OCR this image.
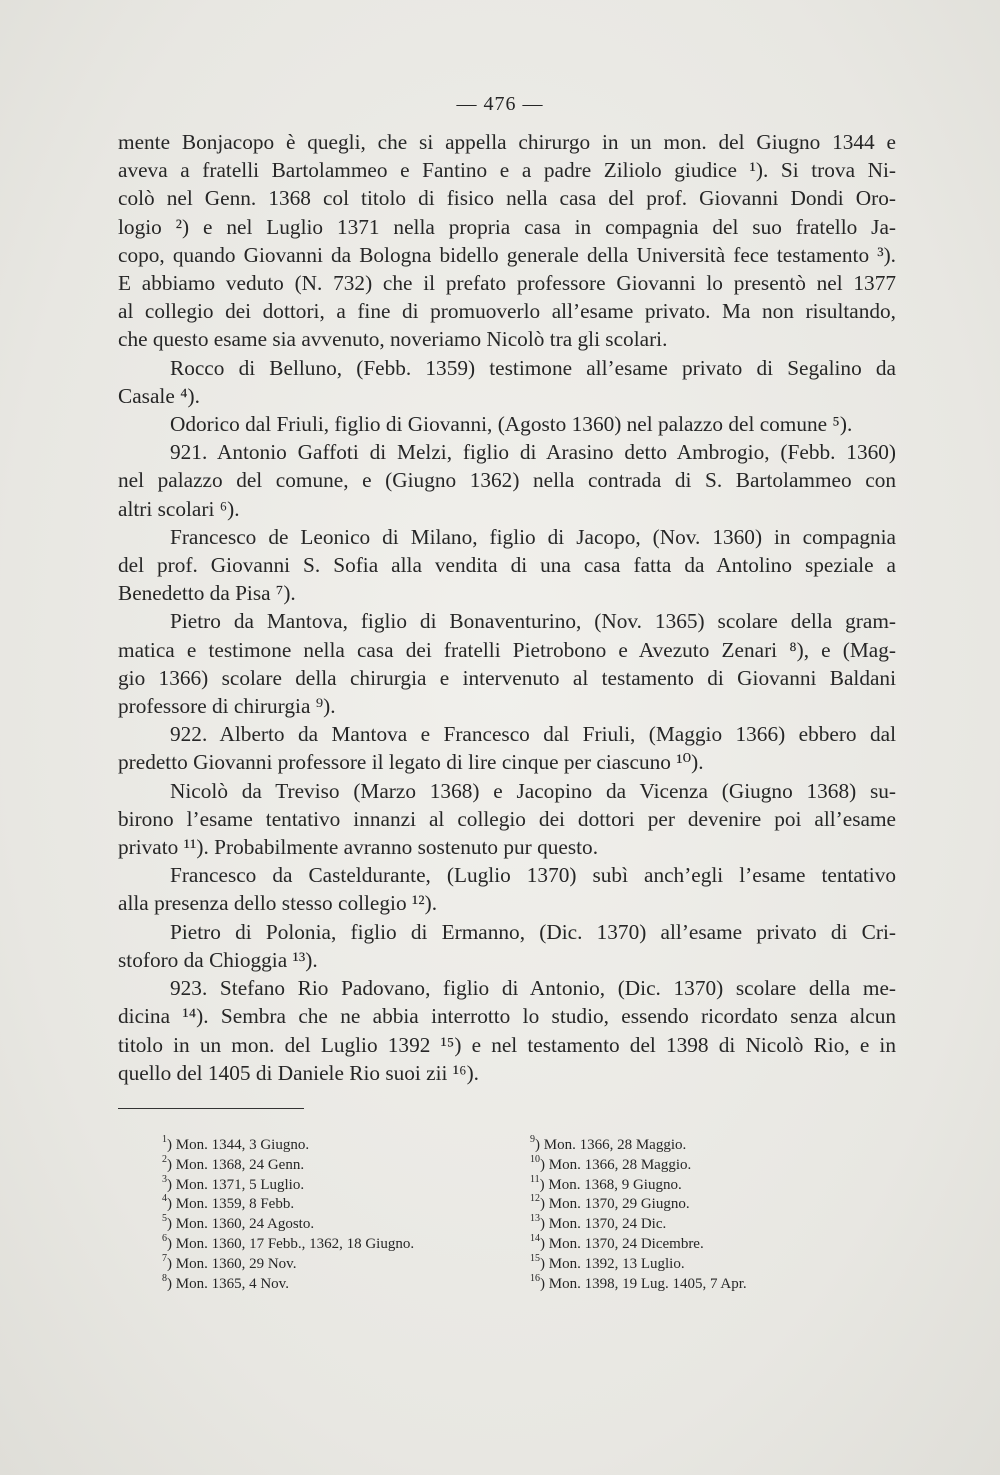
— 476 —

mente Bonjacopo è quegli, che si appella chirurgo in un mon. del Giugno 1344 e

aveva a fratelli Bartolammeo e Fantino e a padre Ziliolo giudice ¹). Si trova Ni-

colò nel Genn. 1368 col titolo di fisico nella casa del prof. Giovanni Dondi Oro-

logio ²) e nel Luglio 1371 nella propria casa in compagnia del suo fratello Ja-

copo, quando Giovanni da Bologna bidello generale della Università fece testamento ³).

E abbiamo veduto (N. 732) che il prefato professore Giovanni lo presentò nel 1377

al collegio dei dottori, a fine di promuoverlo all’esame privato. Ma non risultando,

che questo esame sia avvenuto, noveriamo Nicolò tra gli scolari.

Rocco di Belluno, (Febb. 1359) testimone all’esame privato di Segalino da

Casale ⁴).

Odorico dal Friuli, figlio di Giovanni, (Agosto 1360) nel palazzo del comune ⁵).

921. Antonio Gaffoti di Melzi, figlio di Arasino detto Ambrogio, (Febb. 1360)

nel palazzo del comune, e (Giugno 1362) nella contrada di S. Bartolammeo con

altri scolari ⁶).

Francesco de Leonico di Milano, figlio di Jacopo, (Nov. 1360) in compagnia

del prof. Giovanni S. Sofia alla vendita di una casa fatta da Antolino speziale a

Benedetto da Pisa ⁷).

Pietro da Mantova, figlio di Bonaventurino, (Nov. 1365) scolare della gram-

matica e testimone nella casa dei fratelli Pietrobono e Avezuto Zenari ⁸), e (Mag-

gio 1366) scolare della chirurgia e intervenuto al testamento di Giovanni Baldani

professore di chirurgia ⁹).

922. Alberto da Mantova e Francesco dal Friuli, (Maggio 1366) ebbero dal

predetto Giovanni professore il legato di lire cinque per ciascuno ¹⁰).

Nicolò da Treviso (Marzo 1368) e Jacopino da Vicenza (Giugno 1368) su-

birono l’esame tentativo innanzi al collegio dei dottori per devenire poi all’esame

privato ¹¹). Probabilmente avranno sostenuto pur questo.

Francesco da Casteldurante, (Luglio 1370) subì anch’egli l’esame tentativo

alla presenza dello stesso collegio ¹²).

Pietro di Polonia, figlio di Ermanno, (Dic. 1370) all’esame privato di Cri-

stoforo da Chioggia ¹³).

923. Stefano Rio Padovano, figlio di Antonio, (Dic. 1370) scolare della me-

dicina ¹⁴). Sembra che ne abbia interrotto lo studio, essendo ricordato senza alcun

titolo in un mon. del Luglio 1392 ¹⁵) e nel testamento del 1398 di Nicolò Rio, e in

quello del 1405 di Daniele Rio suoi zii ¹⁶).

$^1$) Mon. 1344, 3 Giugno.
$^2$) Mon. 1368, 24 Genn.
$^3$) Mon. 1371, 5 Luglio.
$^4$) Mon. 1359, 8 Febb.
$^5$) Mon. 1360, 24 Agosto.
$^6$) Mon. 1360, 17 Febb., 1362, 18 Giugno.
$^7$) Mon. 1360, 29 Nov.
$^8$) Mon. 1365, 4 Nov.
$^9$) Mon. 1366, 28 Maggio.
$^{10}$) Mon. 1366, 28 Maggio.
$^{11}$) Mon. 1368, 9 Giugno.
$^{12}$) Mon. 1370, 29 Giugno.
$^{13}$) Mon. 1370, 24 Dic.
$^{14}$) Mon. 1370, 24 Dicembre.
$^{15}$) Mon. 1392, 13 Luglio.
$^{16}$) Mon. 1398, 19 Lug. 1405, 7 Apr.
